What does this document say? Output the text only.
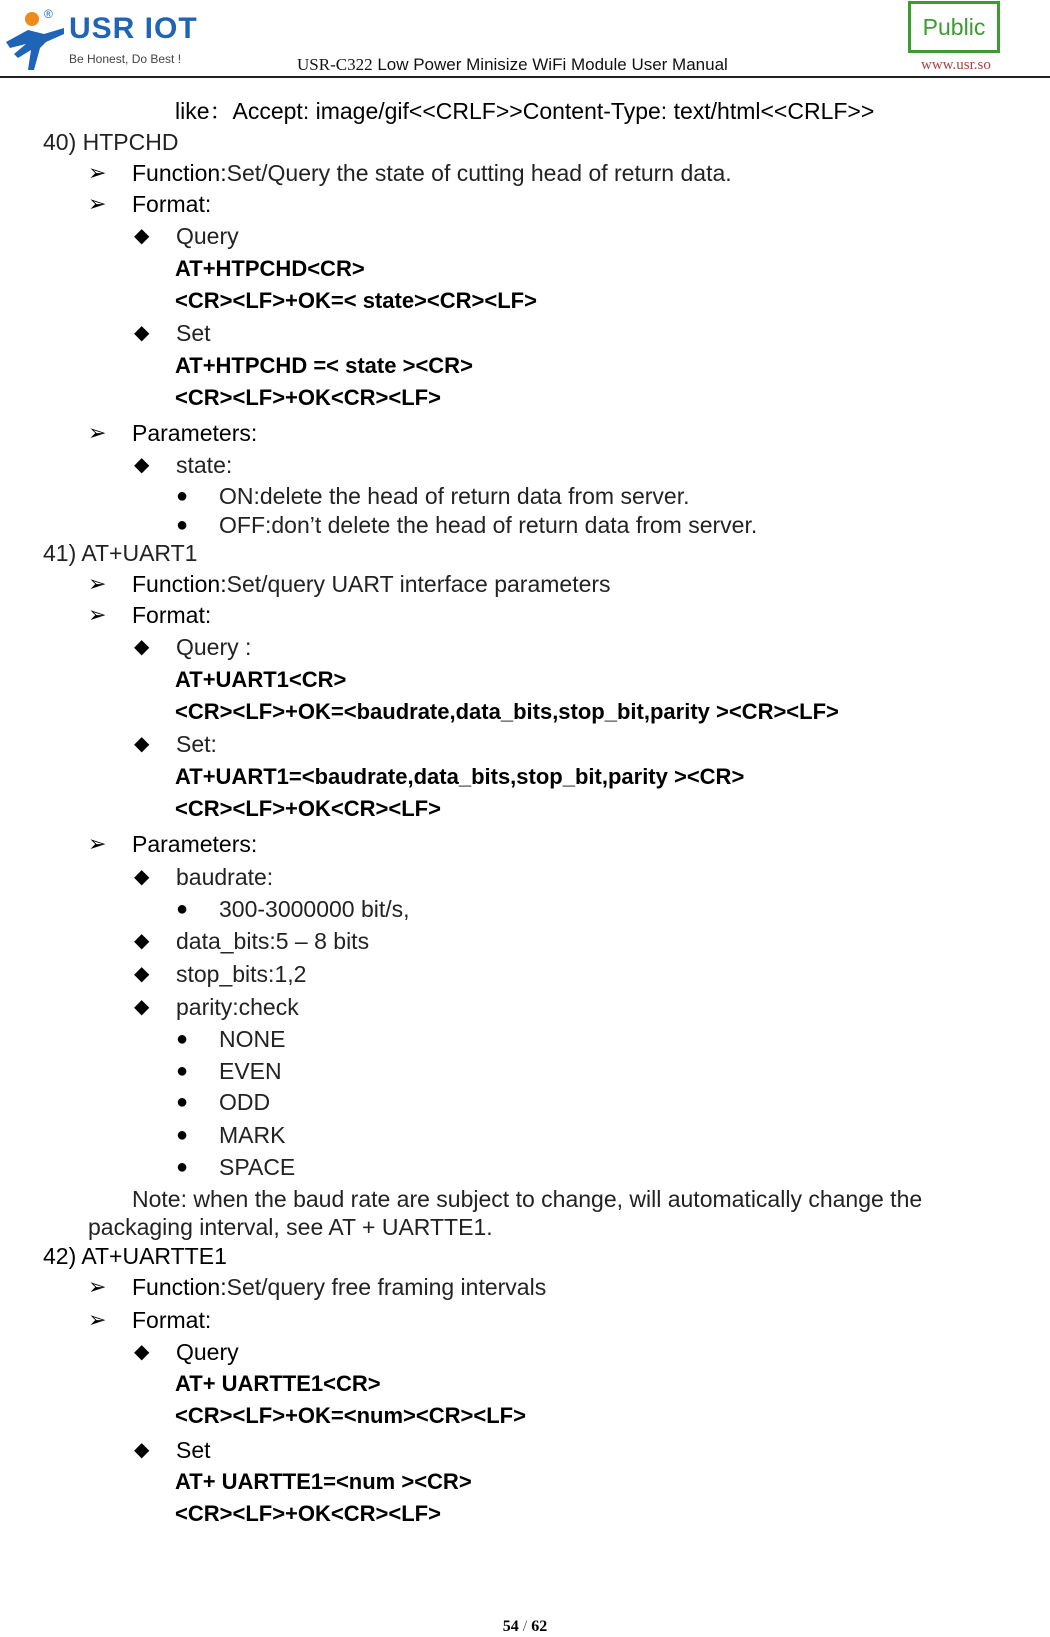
® USR IOT
Be Honest, Do Best !	USR-C322 Low Power Minisize WiFi Module User Manual
Public
www.usr.so
like：Accept: image/gif<<CRLF>>Content-Type: text/html<<CRLF>>
40) HTPCHD
➢ Function:Set/Query the state of cutting head of return data.
➢ Format:
◆ Query
AT+HTPCHD<CR>
<CR><LF>+OK=< state><CR><LF>
◆ Set
AT+HTPCHD =< state ><CR>
<CR><LF>+OK<CR><LF>
➢ Parameters:
◆ state:
● ON:delete the head of return data from server.
● OFF:don’t delete the head of return data from server.
41) AT+UART1
➢ Function:Set/query UART interface parameters
➢ Format:
◆ Query :
AT+UART1<CR>
<CR><LF>+OK=<baudrate,data_bits,stop_bit,parity ><CR><LF>
◆ Set:
AT+UART1=<baudrate,data_bits,stop_bit,parity ><CR>
<CR><LF>+OK<CR><LF>
➢ Parameters:
◆ baudrate:
● 300-3000000 bit/s,
◆ data_bits:5 – 8 bits
◆ stop_bits:1,2
◆ parity:check
● NONE
● EVEN
● ODD
● MARK
● SPACE
Note: when the baud rate are subject to change, will automatically change the
packaging interval, see AT + UARTTE1.
42) AT+UARTTE1
➢ Function:Set/query free framing intervals
➢ Format:
◆ Query
AT+ UARTTE1<CR>
<CR><LF>+OK=<num><CR><LF>
◆ Set
AT+ UARTTE1=<num ><CR>
<CR><LF>+OK<CR><LF>
54 / 62
